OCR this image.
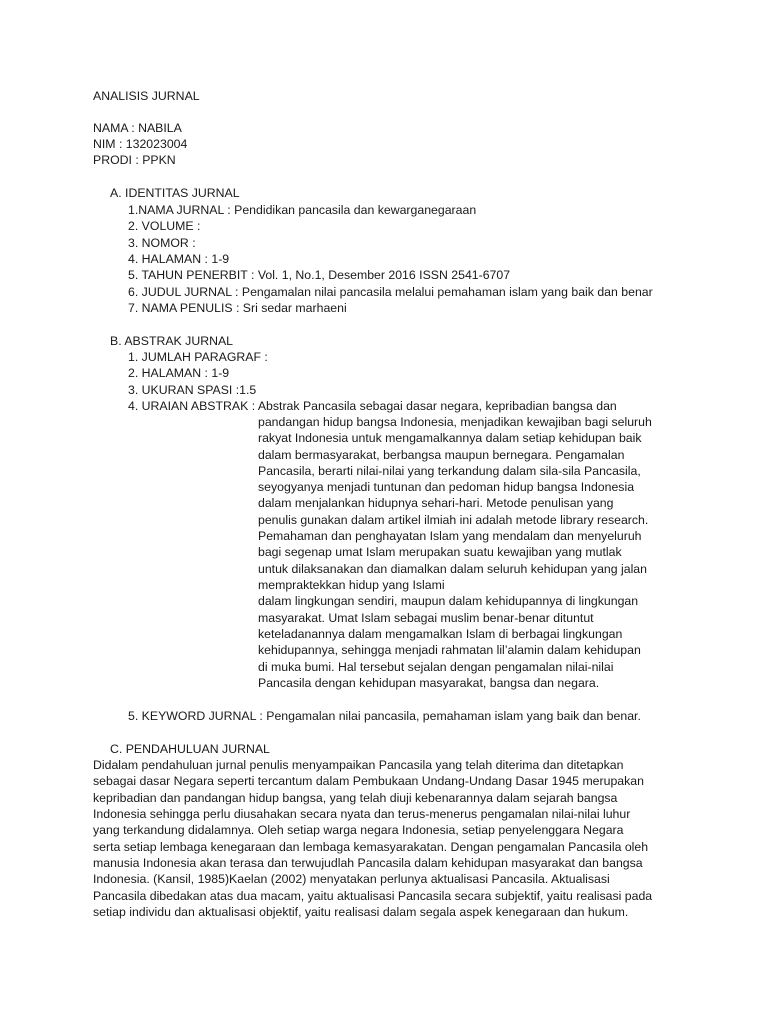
ANALISIS JURNAL
NAMA : NABILA
NIM : 132023004
PRODI : PPKN
A. IDENTITAS JURNAL
1.NAMA JURNAL : Pendidikan pancasila dan kewarganegaraan
2. VOLUME :
3. NOMOR :
4. HALAMAN : 1-9
5. TAHUN PENERBIT : Vol. 1, No.1, Desember 2016 ISSN 2541-6707
6. JUDUL JURNAL : Pengamalan nilai pancasila melalui pemahaman islam yang baik dan benar
7. NAMA PENULIS : Sri sedar marhaeni
B. ABSTRAK JURNAL
1. JUMLAH PARAGRAF :
2. HALAMAN : 1-9
3. UKURAN SPASI :1.5
4. URAIAN ABSTRAK : Abstrak Pancasila sebagai dasar negara, kepribadian bangsa dan
pandangan hidup bangsa Indonesia, menjadikan kewajiban bagi seluruh
rakyat Indonesia untuk mengamalkannya dalam setiap kehidupan baik
dalam bermasyarakat, berbangsa maupun bernegara. Pengamalan
Pancasila, berarti nilai-nilai yang terkandung dalam sila-sila Pancasila,
seyogyanya menjadi tuntunan dan pedoman hidup bangsa Indonesia
dalam menjalankan hidupnya sehari-hari. Metode penulisan yang
penulis gunakan dalam artikel ilmiah ini adalah metode library research.
Pemahaman dan penghayatan Islam yang mendalam dan menyeluruh
bagi segenap umat Islam merupakan suatu kewajiban yang mutlak
untuk dilaksanakan dan diamalkan dalam seluruh kehidupan yang jalan
mempraktekkan hidup yang Islami
dalam lingkungan sendiri, maupun dalam kehidupannya di lingkungan
masyarakat. Umat Islam sebagai muslim benar-benar dituntut
keteladanannya dalam mengamalkan Islam di berbagai lingkungan
kehidupannya, sehingga menjadi rahmatan lil’alamin dalam kehidupan
di muka bumi. Hal tersebut sejalan dengan pengamalan nilai-nilai
Pancasila dengan kehidupan masyarakat, bangsa dan negara.
5. KEYWORD JURNAL : Pengamalan nilai pancasila, pemahaman islam yang baik dan benar.
C. PENDAHULUAN JURNAL
Didalam pendahuluan jurnal penulis menyampaikan Pancasila yang telah diterima dan ditetapkan
sebagai dasar Negara seperti tercantum dalam Pembukaan Undang-Undang Dasar 1945 merupakan
kepribadian dan pandangan hidup bangsa, yang telah diuji kebenarannya dalam sejarah bangsa
Indonesia sehingga perlu diusahakan secara nyata dan terus-menerus pengamalan nilai-nilai luhur
yang terkandung didalamnya. Oleh setiap warga negara Indonesia, setiap penyelenggara Negara
serta setiap lembaga kenegaraan dan lembaga kemasyarakatan. Dengan pengamalan Pancasila oleh
manusia Indonesia akan terasa dan terwujudlah Pancasila dalam kehidupan masyarakat dan bangsa
Indonesia. (Kansil, 1985)Kaelan (2002) menyatakan perlunya aktualisasi Pancasila. Aktualisasi
Pancasila dibedakan atas dua macam, yaitu aktualisasi Pancasila secara subjektif, yaitu realisasi pada
setiap individu dan aktualisasi objektif, yaitu realisasi dalam segala aspek kenegaraan dan hukum.
